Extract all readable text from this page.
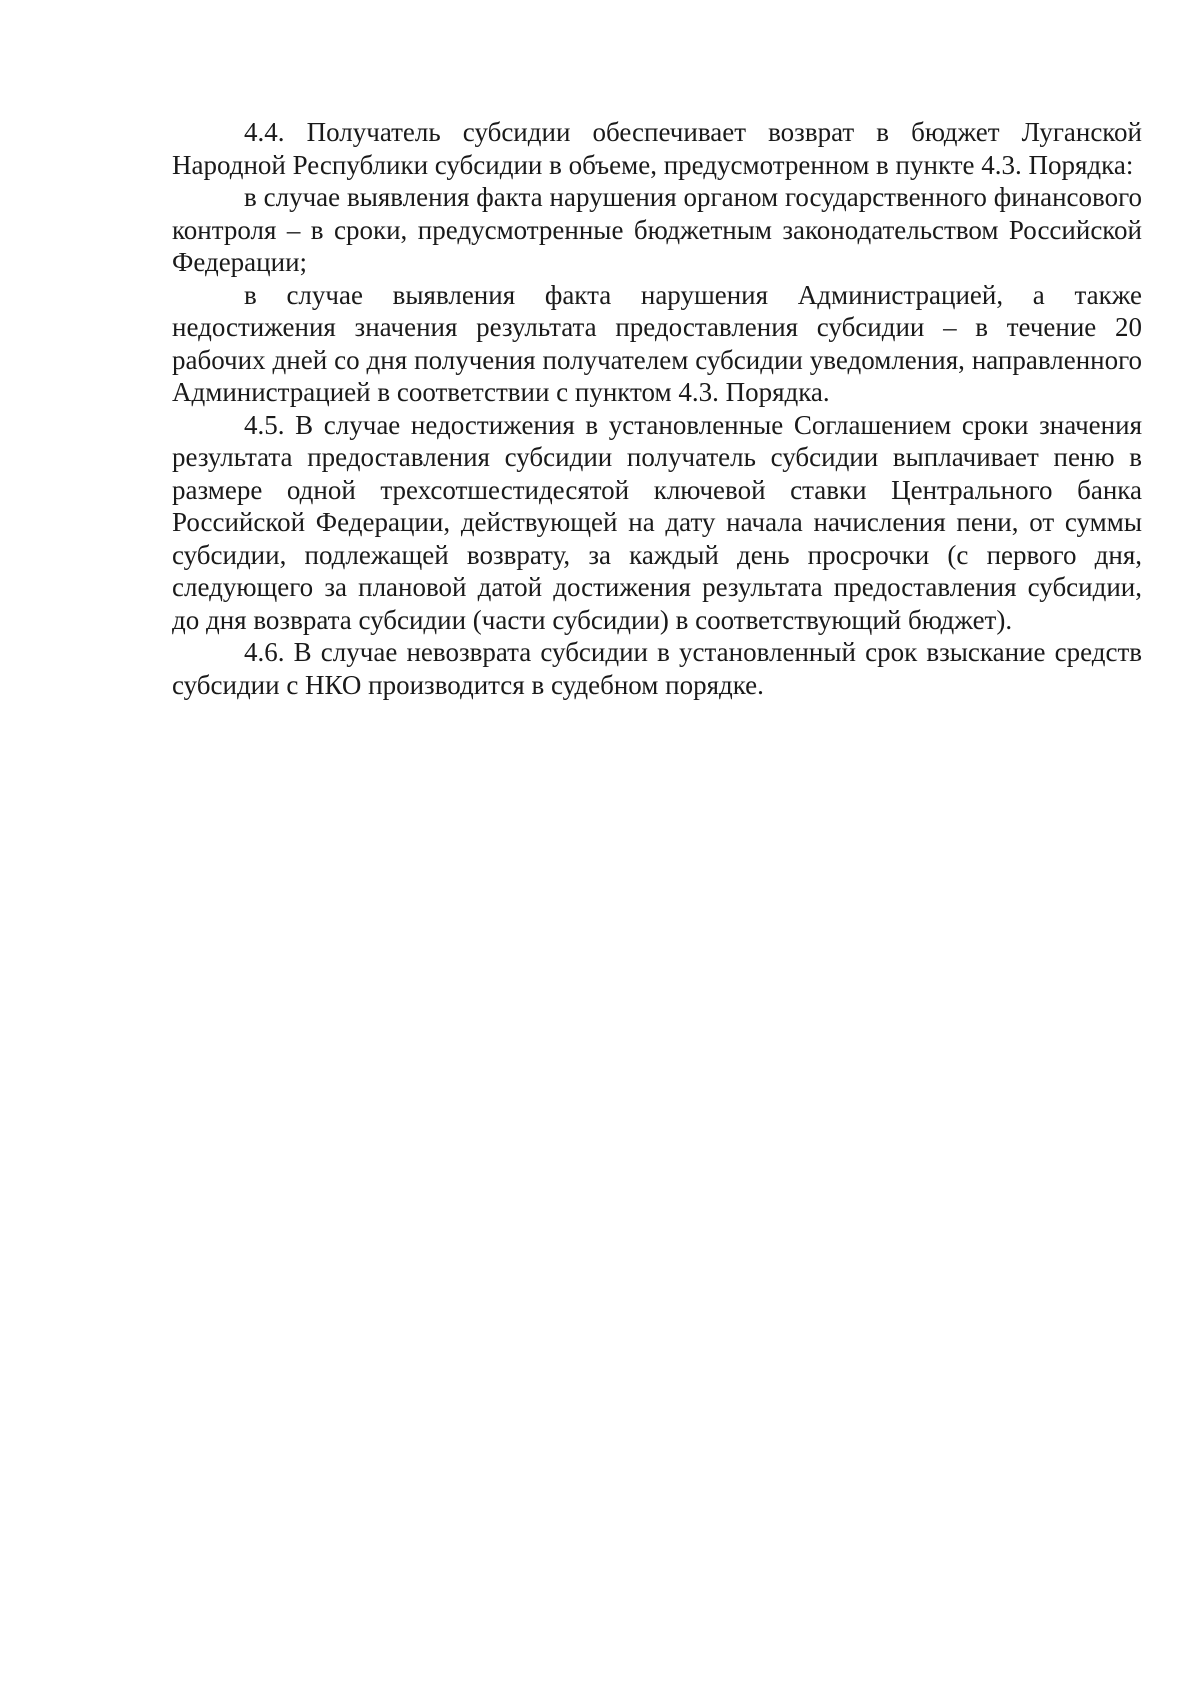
4.4. Получатель субсидии обеспечивает возврат в бюджет Луганской Народной Республики субсидии в объеме, предусмотренном в пункте 4.3. Порядка:

в случае выявления факта нарушения органом государственного финансового контроля – в сроки, предусмотренные бюджетным законодательством Российской Федерации;

в случае выявления факта нарушения Администрацией, а также недостижения значения результата предоставления субсидии – в течение 20 рабочих дней со дня получения получателем субсидии уведомления, направленного Администрацией в соответствии с пунктом 4.3. Порядка.

4.5. В случае недостижения в установленные Соглашением сроки значения результата предоставления субсидии получатель субсидии выплачивает пеню в размере одной трехсотшестидесятой ключевой ставки Центрального банка Российской Федерации, действующей на дату начала начисления пени, от суммы субсидии, подлежащей возврату, за каждый день просрочки (с первого дня, следующего за плановой датой достижения результата предоставления субсидии, до дня возврата субсидии (части субсидии) в соответствующий бюджет).

4.6. В случае невозврата субсидии в установленный срок взыскание средств субсидии с НКО производится в судебном порядке.
